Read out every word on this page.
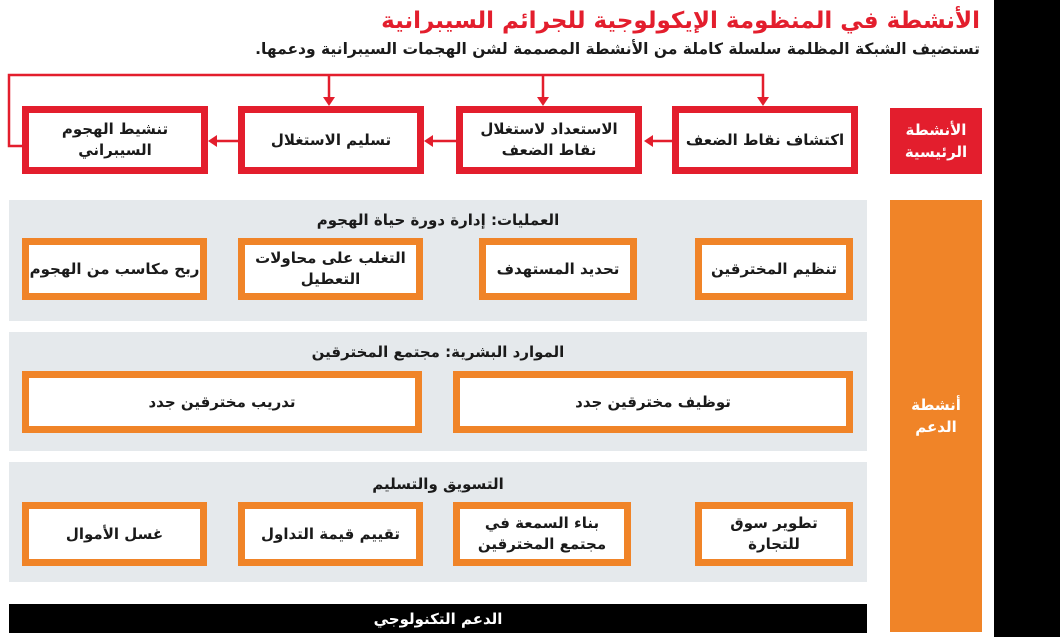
الأنشطة في المنظومة الإيكولوجية للجرائم السيبرانية
تستضيف الشبكة المظلمة سلسلة كاملة من الأنشطة المصممة لشن الهجمات السيبرانية ودعمها.
اكتشاف نقاط الضعف
الاستعداد لاستغلال
نقاط الضعف
تسليم الاستغلال
تنشيط الهجوم السيبراني
الأنشطة
الرئيسية
أنشطة الدعم
العمليات: إدارة دورة حياة الهجوم
تنظيم المخترقين
تحديد المستهدف
التغلب على محاولات
التعطيل
ربح مكاسب من الهجوم
الموارد البشرية: مجتمع المخترقين
توظيف مخترقين جدد
تدريب مخترقين جدد
التسويق والتسليم
تطوير سوق للتجارة
بناء السمعة في
مجتمع المخترقين
تقييم قيمة التداول
غسل الأموال
الدعم التكنولوجي
